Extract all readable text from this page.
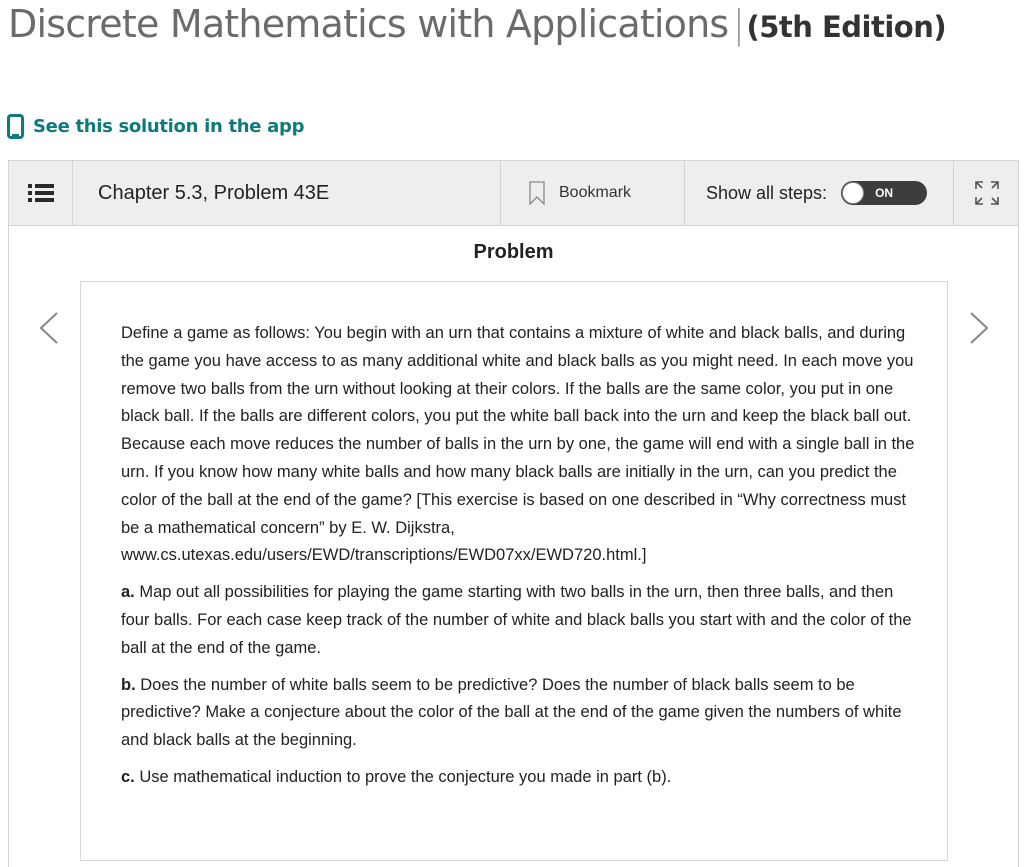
Discrete Mathematics with Applications |(5th Edition)
See this solution in the app
Chapter 5.3, Problem 43E	Bookmark	Show all steps:	ON
Problem

Define a game as follows: You begin with an urn that contains a mixture of white and black balls, and during the game you have access to as many additional white and black balls as you might need. In each move you remove two balls from the urn without looking at their colors. If the balls are the same color, you put in one black ball. If the balls are different colors, you put the white ball back into the urn and keep the black ball out. Because each move reduces the number of balls in the urn by one, the game will end with a single ball in the urn. If you know how many white balls and how many black balls are initially in the urn, can you predict the color of the ball at the end of the game? [This exercise is based on one described in “Why correctness must be a mathematical concern” by E. W. Dijkstra,
www.cs.utexas.edu/users/EWD/transcriptions/EWD07xx/EWD720.html.]

a. Map out all possibilities for playing the game starting with two balls in the urn, then three balls, and then four balls. For each case keep track of the number of white and black balls you start with and the color of the ball at the end of the game.

b. Does the number of white balls seem to be predictive? Does the number of black balls seem to be predictive? Make a conjecture about the color of the ball at the end of the game given the numbers of white and black balls at the beginning.

c. Use mathematical induction to prove the conjecture you made in part (b).
